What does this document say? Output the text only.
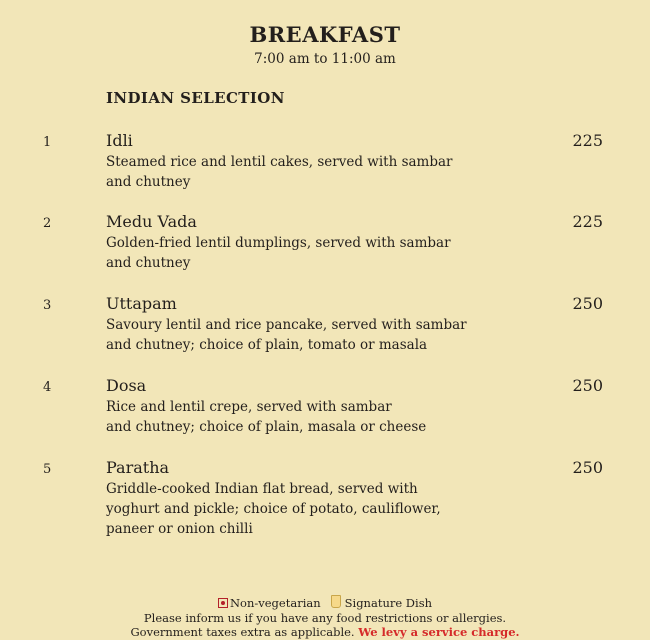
BREAKFAST
7:00 am to 11:00 am
INDIAN SELECTION
1	Idli	225
Steamed rice and lentil cakes, served with sambar
and chutney
2	Medu Vada	225
Golden-fried lentil dumplings, served with sambar
and chutney
3	Uttapam	250
Savoury lentil and rice pancake, served with sambar
and chutney; choice of plain, tomato or masala
4	Dosa	250
Rice and lentil crepe, served with sambar
and chutney; choice of plain, masala or cheese
5	Paratha	250
Griddle-cooked Indian flat bread, served with
yoghurt and pickle; choice of potato, cauliflower,
paneer or onion chilli
Non-vegetarian Signature Dish
Please inform us if you have any food restrictions or allergies.
Government taxes extra as applicable. We levy a service charge.
